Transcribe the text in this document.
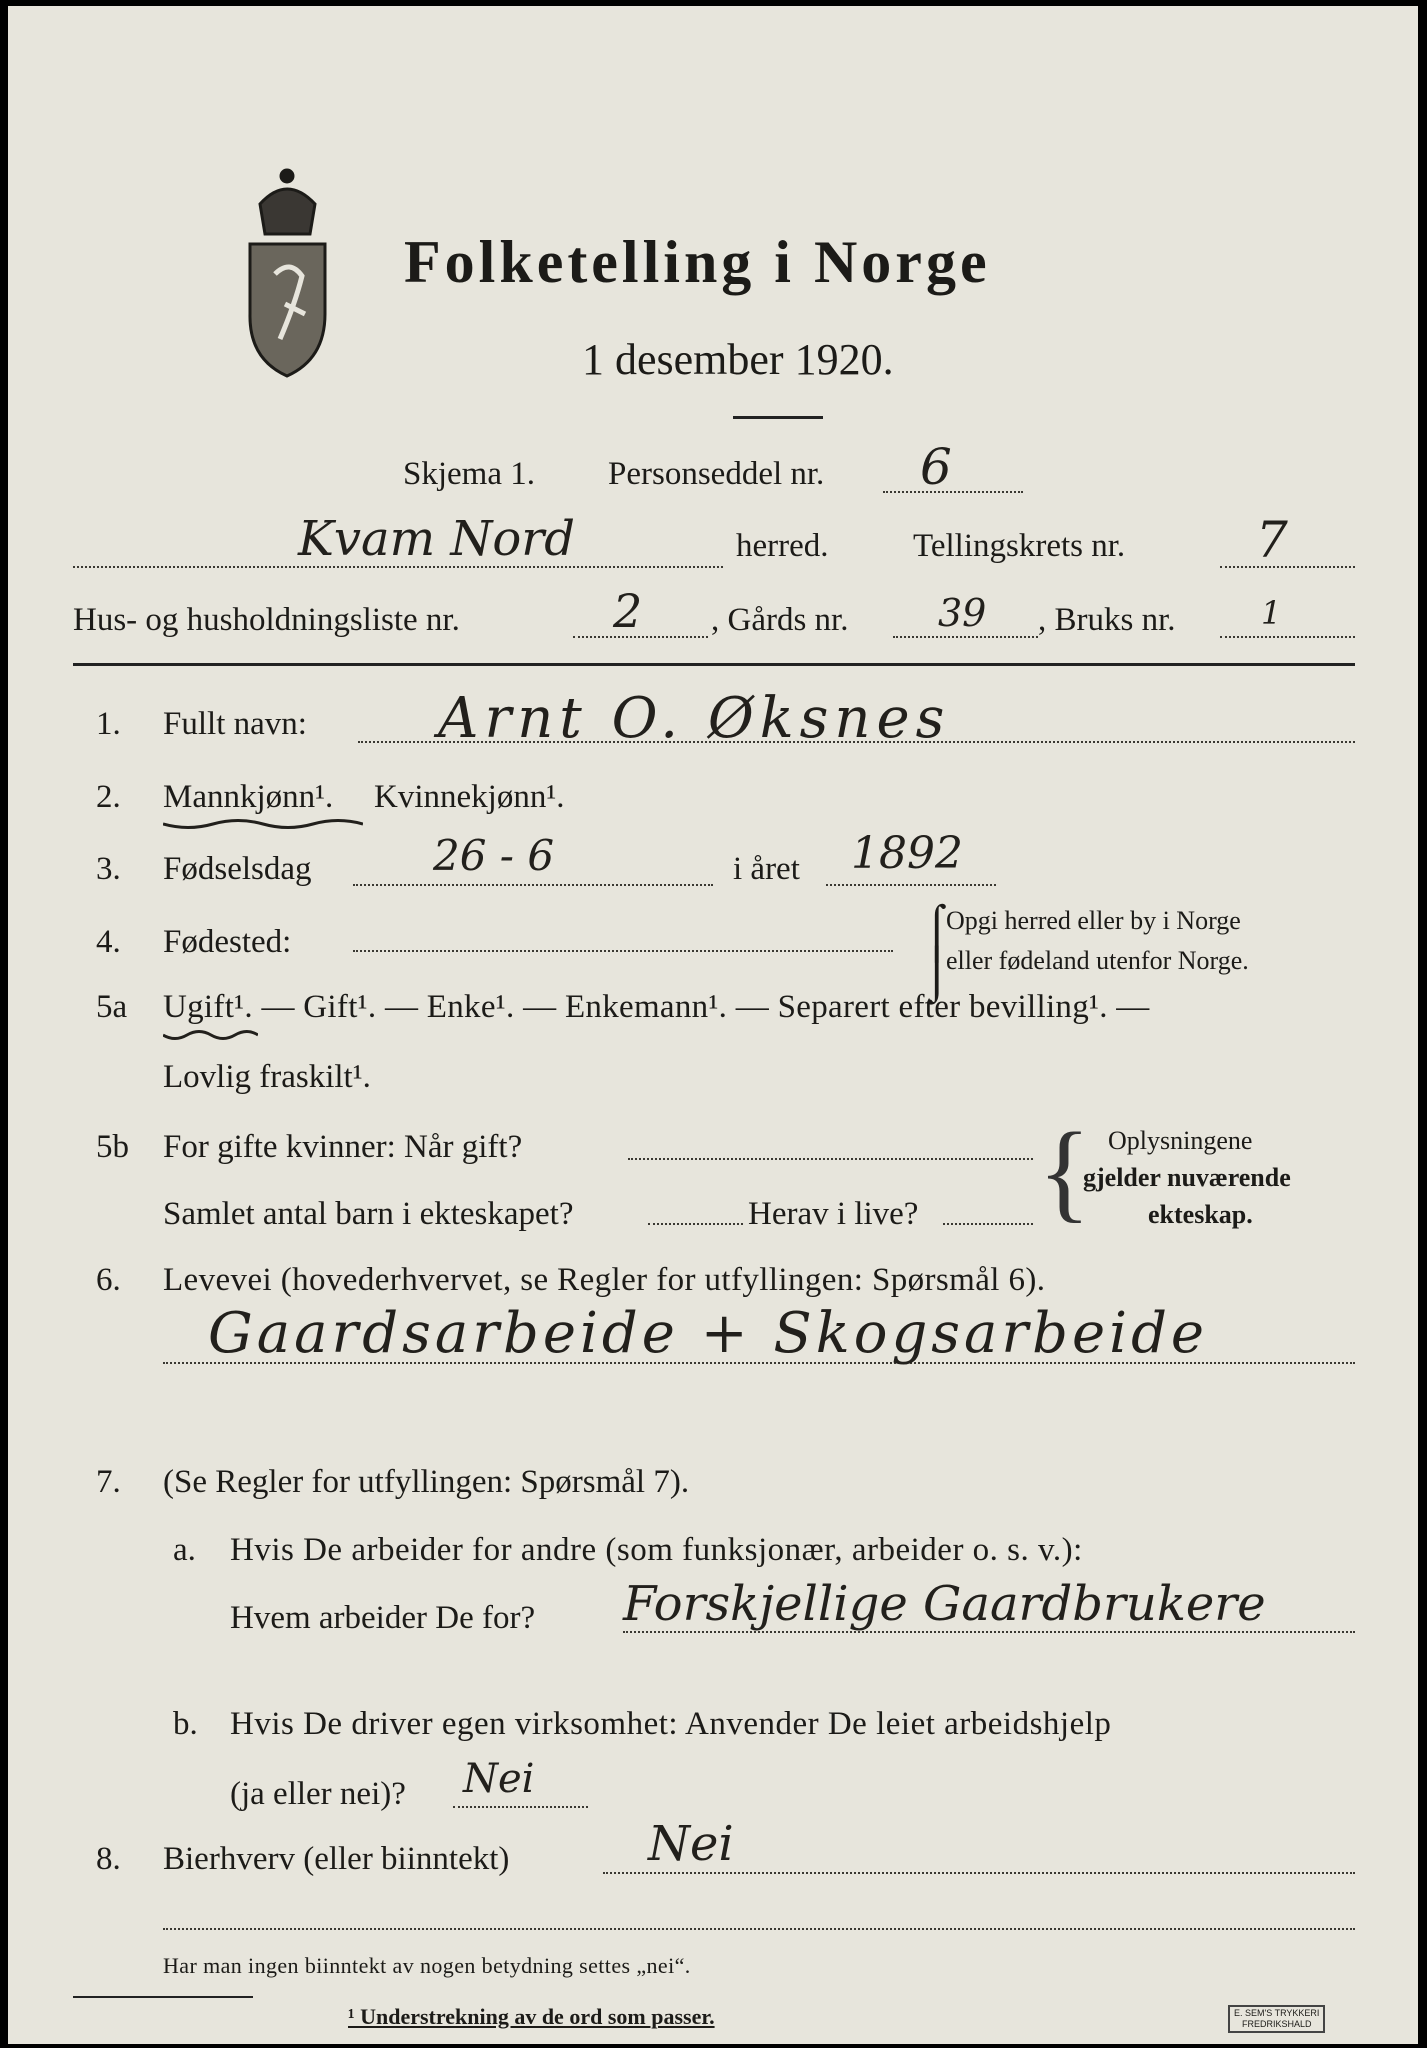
Folketelling i Norge
1 desember 1920.
Skjema 1. Personseddel nr. 6
Kvam Nord	herred.	Tellingskrets nr.	7
Hus- og husholdningsliste nr.	2 , Gårds nr. 39 , Bruks nr.	1
1. Fullt navn: Arnt O. Øksnes
2. Mannkjønn¹. Kvinnekjønn¹.
3. Fødselsdag	26 - 6	i året 1892
4. Fødested:
Opgi herred eller by i Norge
eller fødeland utenfor Norge.
⌠
⌡
5a Ugift¹. — Gift¹. — Enke¹. — Enkemann¹. — Separert efter bevilling¹. —
Lovlig fraskilt¹.
5b For gifte kvinner: Når gift?
Samlet antal barn i ekteskapet?	Herav i live? { Oplysningene
gjelder nuværende
ekteskap.
6. Levevei (hovederhvervet, se Regler for utfyllingen: Spørsmål 6).
Gaardsarbeide + Skogsarbeide
7. (Se Regler for utfyllingen: Spørsmål 7).
a. Hvis De arbeider for andre (som funksjonær, arbeider o. s. v.):
Hvem arbeider De for? Forskjellige Gaardbrukere
b. Hvis De driver egen virksomhet: Anvender De leiet arbeidshjelp
(ja eller nei)? Nei
8. Bierhverv (eller biinntekt)	Nei
Har man ingen biinntekt av nogen betydning settes „nei“.
¹ Understrekning av de ord som passer.	E. SEM'S TRYKKERI
FREDRIKSHALD
